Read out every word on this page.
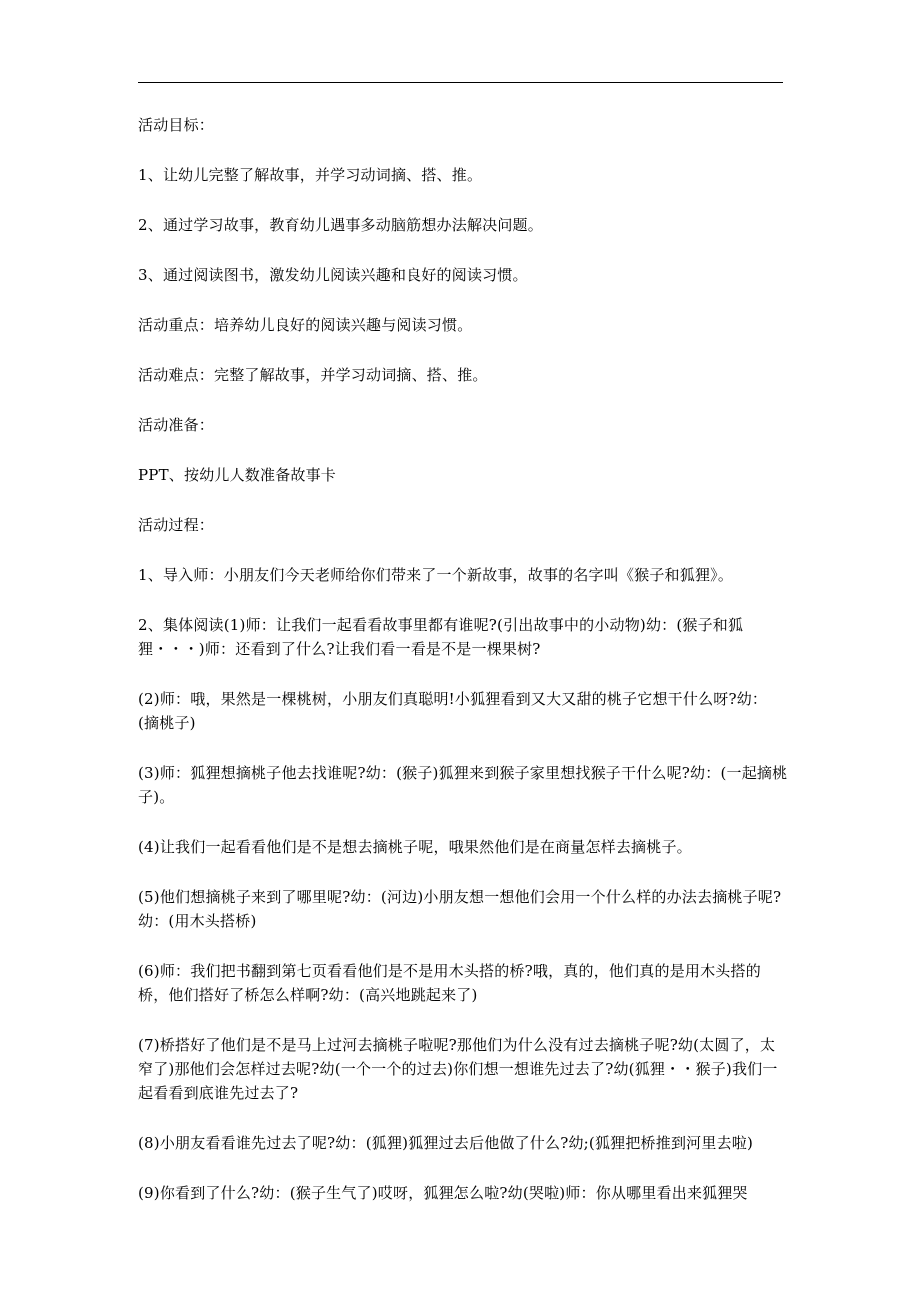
活动目标：

1、让幼儿完整了解故事，并学习动词摘、搭、推。

2、通过学习故事，教育幼儿遇事多动脑筋想办法解决问题。

3、通过阅读图书，激发幼儿阅读兴趣和良好的阅读习惯。

活动重点：培养幼儿良好的阅读兴趣与阅读习惯。

活动难点：完整了解故事，并学习动词摘、搭、推。

活动准备：

PPT、按幼儿人数准备故事卡

活动过程：

1、导入师：小朋友们今天老师给你们带来了一个新故事，故事的名字叫《猴子和狐狸》。

2、集体阅读(1)师：让我们一起看看故事里都有谁呢?(引出故事中的小动物)幼：(猴子和狐狸・・・)师：还看到了什么?让我们看一看是不是一棵果树?

(2)师：哦，果然是一棵桃树，小朋友们真聪明!小狐狸看到又大又甜的桃子它想干什么呀?幼：(摘桃子)

(3)师：狐狸想摘桃子他去找谁呢?幼：(猴子)狐狸来到猴子家里想找猴子干什么呢?幼：(一起摘桃子)。

(4)让我们一起看看他们是不是想去摘桃子呢，哦果然他们是在商量怎样去摘桃子。

(5)他们想摘桃子来到了哪里呢?幼：(河边)小朋友想一想他们会用一个什么样的办法去摘桃子呢?幼：(用木头搭桥)

(6)师：我们把书翻到第七页看看他们是不是用木头搭的桥?哦，真的，他们真的是用木头搭的桥，他们搭好了桥怎么样啊?幼：(高兴地跳起来了)

(7)桥搭好了他们是不是马上过河去摘桃子啦呢?那他们为什么没有过去摘桃子呢?幼(太圆了，太窄了)那他们会怎样过去呢?幼(一个一个的过去)你们想一想谁先过去了?幼(狐狸・・猴子)我们一起看看到底谁先过去了?

(8)小朋友看看谁先过去了呢?幼：(狐狸)狐狸过去后他做了什么?幼;(狐狸把桥推到河里去啦)

(9)你看到了什么?幼：(猴子生气了)哎呀，狐狸怎么啦?幼(哭啦)师：你从哪里看出来狐狸哭
